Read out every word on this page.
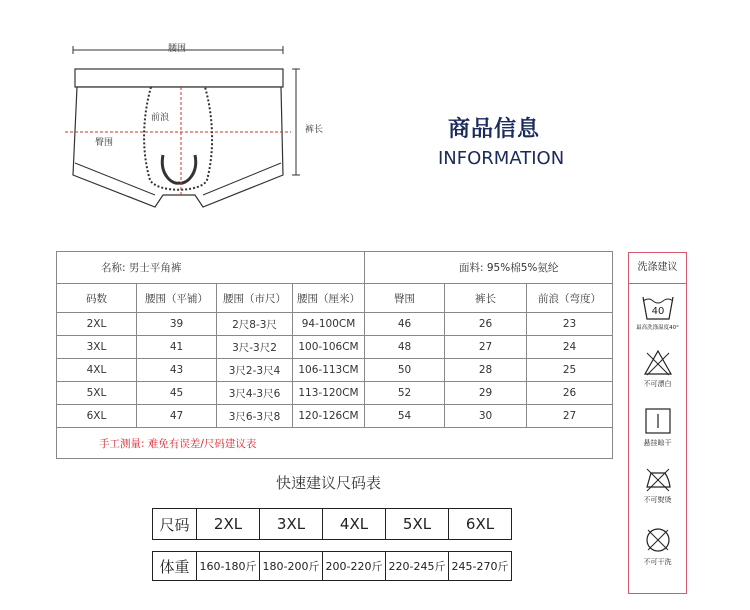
腰围
前浪
臀围
裤长	商品信息
INFORMATION
名称: 男士平角裤				面料: 95%棉5%氨纶		
码数	腰围（平铺）	腰围（市尺）	腰围（厘米）	臀围	裤长	前浪（弯度）
2XL	39	2尺8-3尺	94-100CM	46	26	23
3XL	41	3尺-3尺2	100-106CM	48	27	24
4XL	43	3尺2-3尺4	106-113CM	50	28	25
5XL	45	3尺4-3尺6	113-120CM	52	29	26
6XL	47	3尺6-3尺8	120-126CM	54	30	27
手工测量: 难免有误差/尺码建议表						
快速建议尺码表
尺码	2XL	3XL	4XL	5XL	6XL
体重	160-180斤	180-200斤	200-220斤	220-245斤	245-270斤
洗涤建议
40
最高洗涤温度40°
不可漂白
悬挂晾干
不可熨烫
不可干洗
